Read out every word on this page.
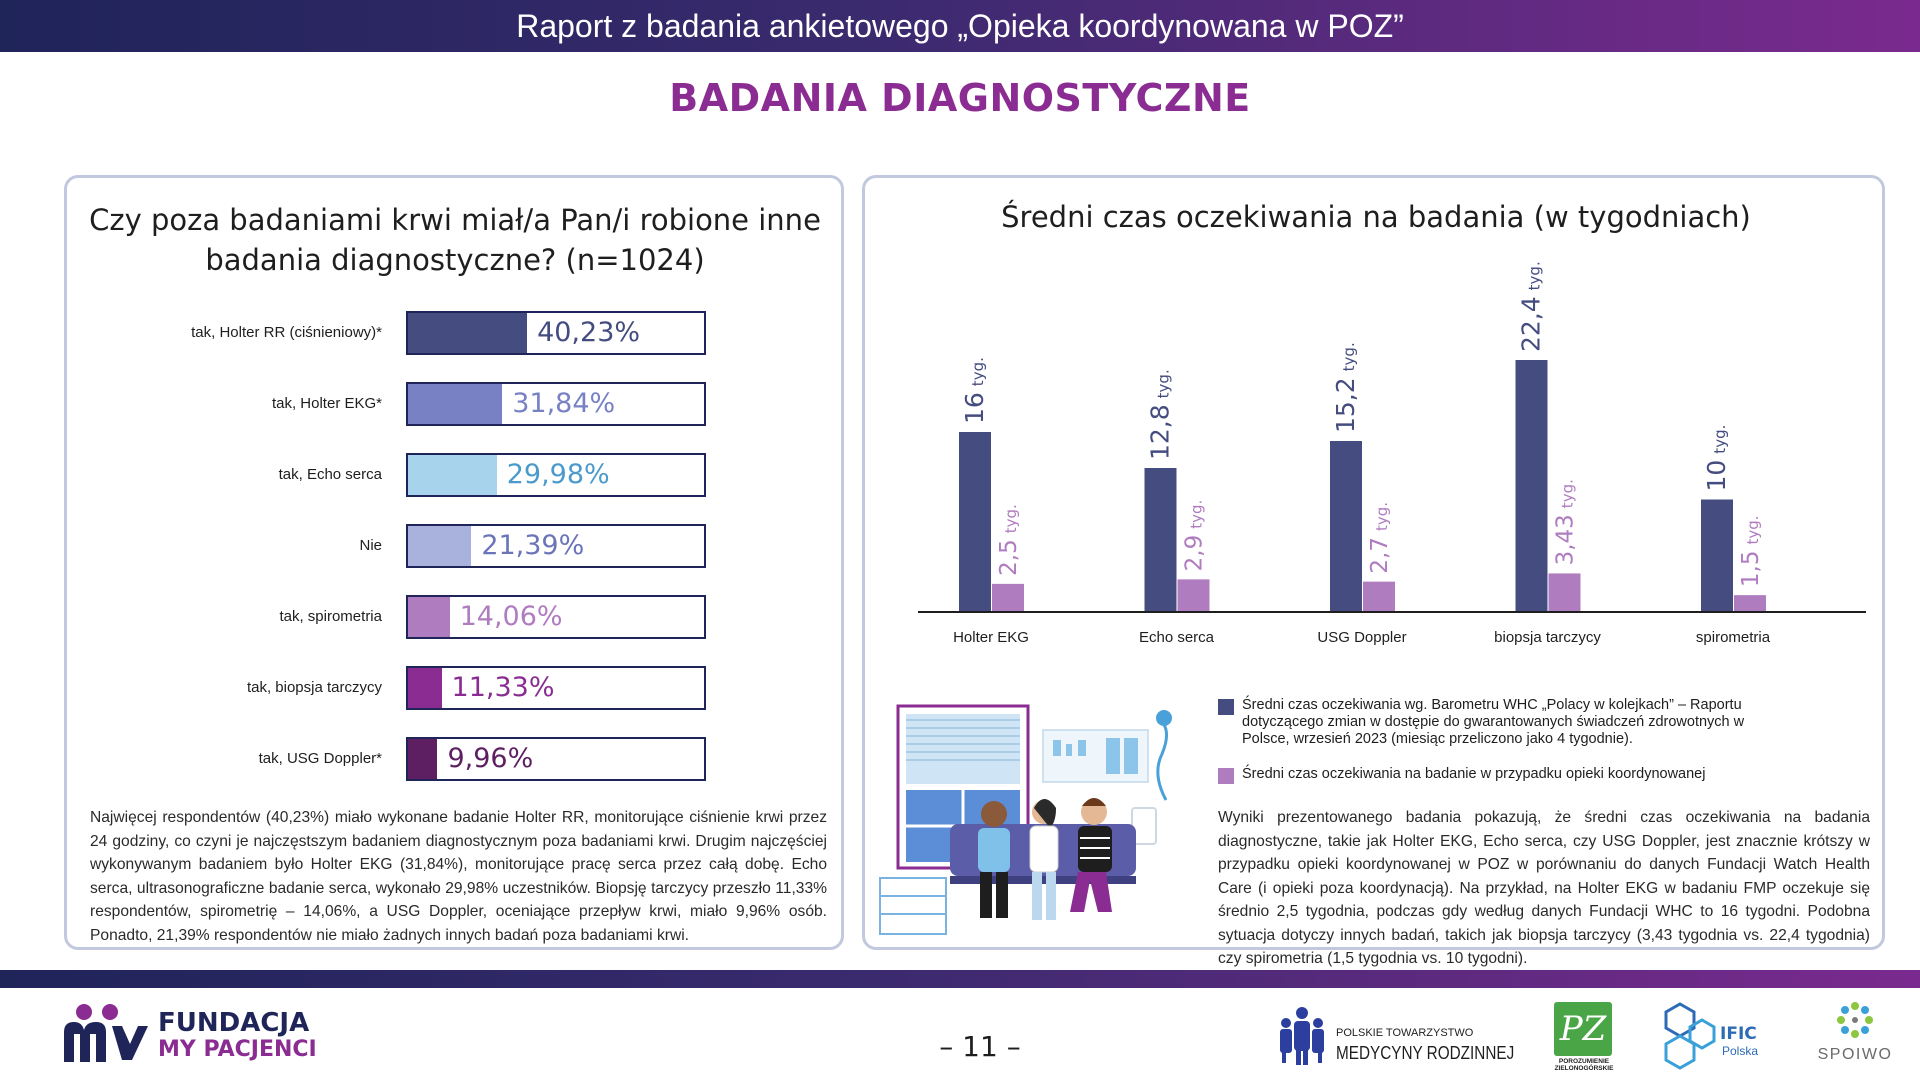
Raport z badania ankietowego „Opieka koordynowana w POZ”
BADANIA DIAGNOSTYCZNE
Czy poza badaniami krwi miał/a Pan/i robione inne badania diagnostyczne? (n=1024)
tak, Holter RR (ciśnieniowy)*	40,23%
tak, Holter EKG*	31,84%
tak, Echo serca	29,98%
Nie	21,39%
tak, spirometria	14,06%
tak, biopsja tarczycy	11,33%
tak, USG Doppler* 9,96%
Najwięcej respondentów (40,23%) miało wykonane badanie Holter RR, monitorujące ciśnienie krwi przez 24 godziny, co czyni je najczęstszym badaniem diagnostycznym poza badaniami krwi. Drugim najczęściej wykonywanym badaniem było Holter EKG (31,84%), monitorujące pracę serca przez całą dobę. Echo serca, ultrasonograficzne badanie serca, wykonało 29,98% uczestników. Biopsję tarczycy przeszło 11,33% respondentów, spirometrię – 14,06%, a USG Doppler, oceniające przepływ krwi, miało 9,96% osób. Ponadto, 21,39% respondentów nie miało żadnych innych badań poza badaniami krwi.
Średni czas oczekiwania na badania (w tygodniach)
16tyg.
2,5tyg.
Holter EKG
12,8tyg.
2,9tyg.
Echo serca
15,2tyg.
2,7tyg.
USG Doppler
22,4tyg.
3,43tyg.
biopsja tarczycy
10tyg.
1,5tyg.
spirometria
Średni czas oczekiwania wg. Barometru WHC „Polacy w kolejkach” – Raportu dotyczącego zmian w dostępie do gwarantowanych świadczeń zdrowotnych w Polsce, wrzesień 2023 (miesiąc przeliczono jako 4 tygodnie).
Średni czas oczekiwania na badanie w przypadku opieki koordynowanej
Wyniki prezentowanego badania pokazują, że średni czas oczekiwania na badania diagnostyczne, takie jak Holter EKG, Echo serca, czy USG Doppler, jest znacznie krótszy w przypadku opieki koordynowanej w POZ w porównaniu do danych Fundacji Watch Health Care (i opieki poza koordynacją). Na przykład, na Holter EKG w badaniu FMP oczekuje się średnio 2,5 tygodnia, podczas gdy według danych Fundacji WHC to 16 tygodni. Podobna sytuacja dotyczy innych badań, takich jak biopsja tarczycy (3,43 tygodnia vs. 22,4 tygodnia) czy spirometria (1,5 tygodnia vs. 10 tygodni).
FUNDACJA
MY PACJENCI	– 11 –	POLSKIE TOWARZYSTWO
MEDYCYNY RODZINNEJ
PZ
POROZUMIENIE ZIELONOGÓRSKIE
IFIC
Polska	SPOIWO
